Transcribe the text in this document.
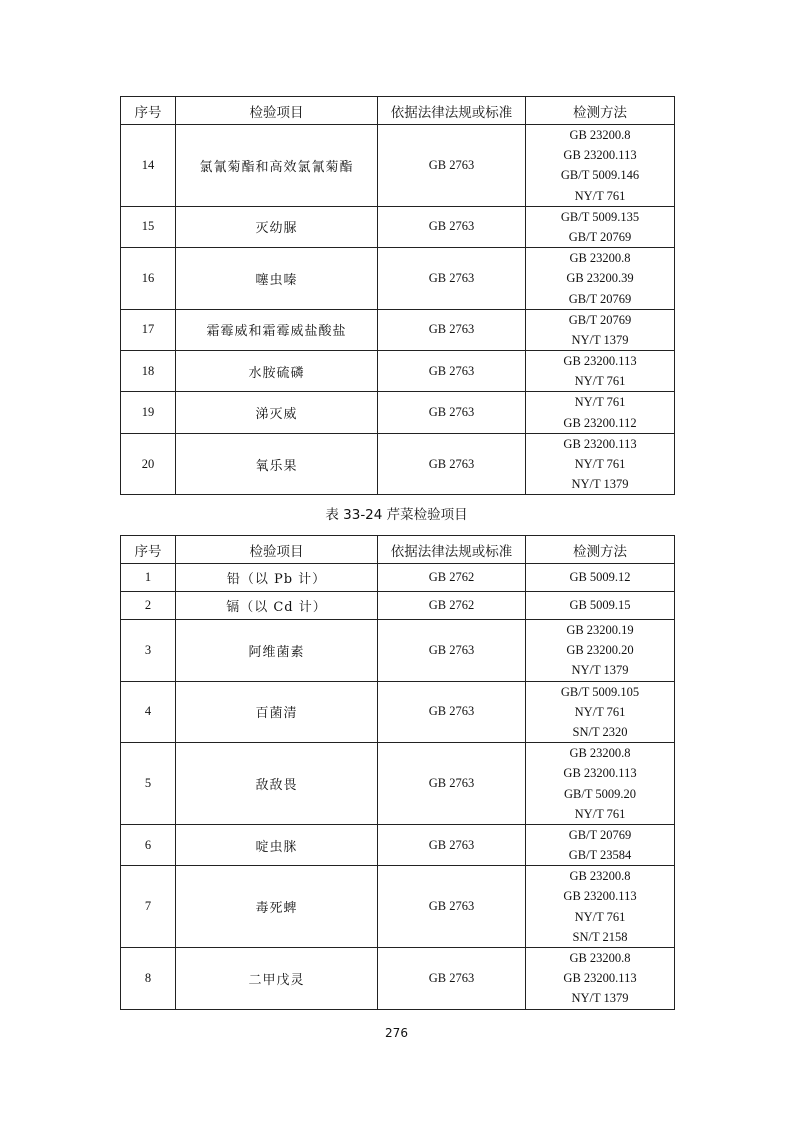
序号	检验项目	依据法律法规或标准	检测方法
14	氯氰菊酯和高效氯氰菊酯	GB 2763	GB 23200.8
GB 23200.113
GB/T 5009.146
NY/T 761

15	灭幼脲	GB 2763	GB/T 5009.135
GB/T 20769

16	噻虫嗪	GB 2763	GB 23200.8
GB 23200.39
GB/T 20769

17	霜霉威和霜霉威盐酸盐	GB 2763	GB/T 20769
NY/T 1379

18	水胺硫磷	GB 2763	GB 23200.113
NY/T 761

19	涕灭威	GB 2763	NY/T 761
GB 23200.112

20	氧乐果	GB 2763	GB 23200.113
NY/T 761
NY/T 1379
表 33-24 芹菜检验项目
序号	检验项目	依据法律法规或标准	检测方法
1	铅（以 Pb 计）	GB 2762	GB 5009.12

2	镉（以 Cd 计）	GB 2762	GB 5009.15

3	阿维菌素	GB 2763	GB 23200.19
GB 23200.20
NY/T 1379

4	百菌清	GB 2763	GB/T 5009.105
NY/T 761
SN/T 2320

5	敌敌畏	GB 2763	GB 23200.8
GB 23200.113
GB/T 5009.20
NY/T 761

6	啶虫脒	GB 2763	GB/T 20769
GB/T 23584

7	毒死蜱	GB 2763	GB 23200.8
GB 23200.113
NY/T 761
SN/T 2158

8	二甲戊灵	GB 2763	GB 23200.8
GB 23200.113
NY/T 1379
276
